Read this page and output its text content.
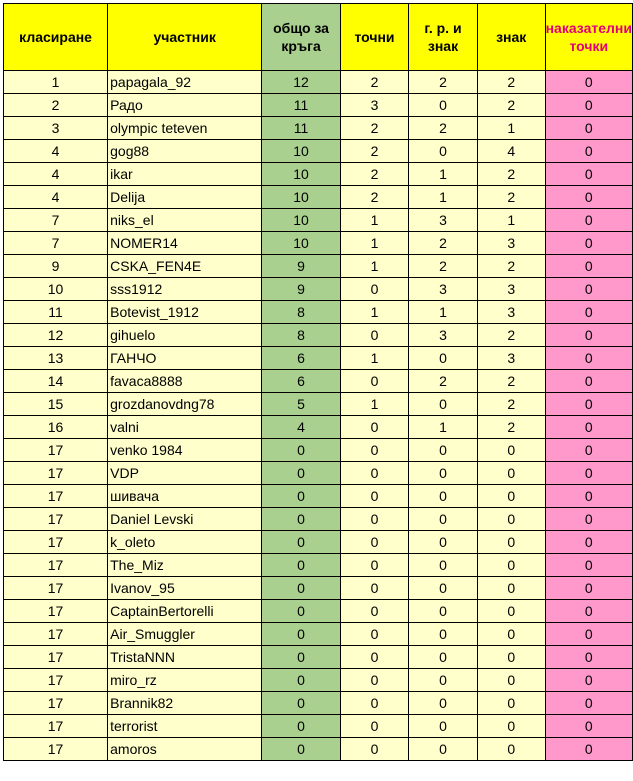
класиране	участник	общо за кръга	точни	г. р. и знак	знак	наказателни точки
1	papagala_92	12	2	2	2	0
2	Радо	11	3	0	2	0
3	olympic teteven	11	2	2	1	0
4	gog88	10	2	0	4	0
4	ikar	10	2	1	2	0
4	Delija	10	2	1	2	0
7	niks_el	10	1	3	1	0
7	NOMER14	10	1	2	3	0
9	CSKA_FEN4E	9	1	2	2	0
10	sss1912	9	0	3	3	0
11	Botevist_1912	8	1	1	3	0
12	gihuelo	8	0	3	2	0
13	ГАНЧО	6	1	0	3	0
14	favaca8888	6	0	2	2	0
15	grozdanovdng78	5	1	0	2	0
16	valni	4	0	1	2	0
17	venko 1984	0	0	0	0	0
17	VDP	0	0	0	0	0
17	шивача	0	0	0	0	0
17	Daniel Levski	0	0	0	0	0
17	k_oleto	0	0	0	0	0
17	The_Miz	0	0	0	0	0
17	Ivanov_95	0	0	0	0	0
17	CaptainBertorelli	0	0	0	0	0
17	Air_Smuggler	0	0	0	0	0
17	TristaNNN	0	0	0	0	0
17	miro_rz	0	0	0	0	0
17	Brannik82	0	0	0	0	0
17	terrorist	0	0	0	0	0
17	amoros	0	0	0	0	0
